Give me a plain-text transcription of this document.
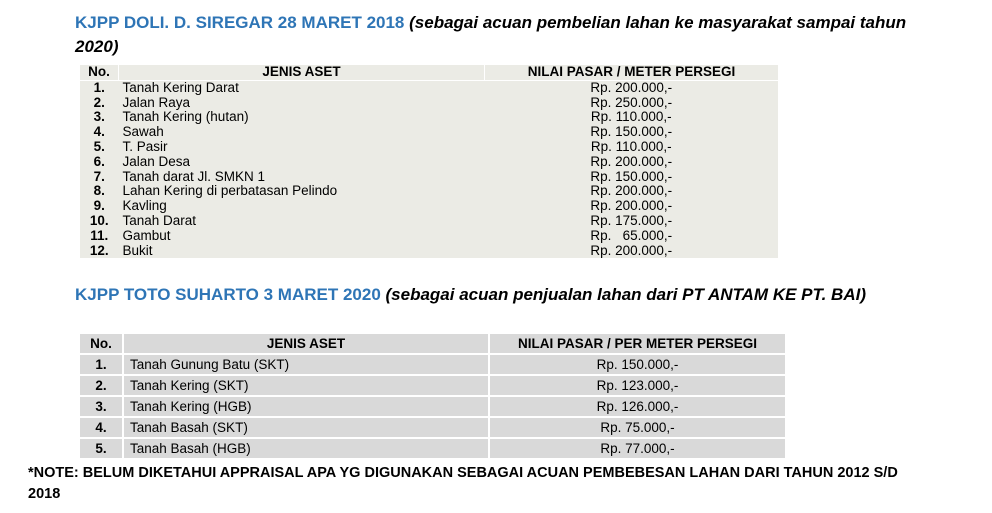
KJPP DOLI. D. SIREGAR 28 MARET 2018 (sebagai acuan pembelian lahan ke masyarakat sampai tahun 2020)
No.	JENIS ASET	NILAI PASAR / METER PERSEGI
1.	Tanah Kering Darat	Rp. 200.000,-
2.	Jalan Raya	Rp. 250.000,-
3.	Tanah Kering (hutan)	Rp. 110.000,-
4.	Sawah	Rp. 150.000,-
5.	T. Pasir	Rp. 110.000,-
6.	Jalan Desa	Rp. 200.000,-
7.	Tanah darat Jl. SMKN 1	Rp. 150.000,-
8.	Lahan Kering di perbatasan Pelindo	Rp. 200.000,-
9.	Kavling	Rp. 200.000,-
10.	Tanah Darat	Rp. 175.000,-
11.	Gambut	Rp.   65.000,-
12.	Bukit	Rp. 200.000,-
KJPP TOTO SUHARTO 3 MARET 2020 (sebagai acuan penjualan lahan dari PT ANTAM KE PT. BAI)
No.	JENIS ASET	NILAI PASAR / PER METER PERSEGI
1.	Tanah Gunung Batu (SKT)	Rp. 150.000,-
2.	Tanah Kering (SKT)	Rp. 123.000,-
3.	Tanah Kering (HGB)	Rp. 126.000,-
4.	Tanah Basah (SKT)	Rp. 75.000,-
5.	Tanah Basah (HGB)	Rp. 77.000,-
*NOTE: BELUM DIKETAHUI APPRAISAL APA YG DIGUNAKAN SEBAGAI ACUAN PEMBEBESAN LAHAN DARI TAHUN 2012 S/D 2018
